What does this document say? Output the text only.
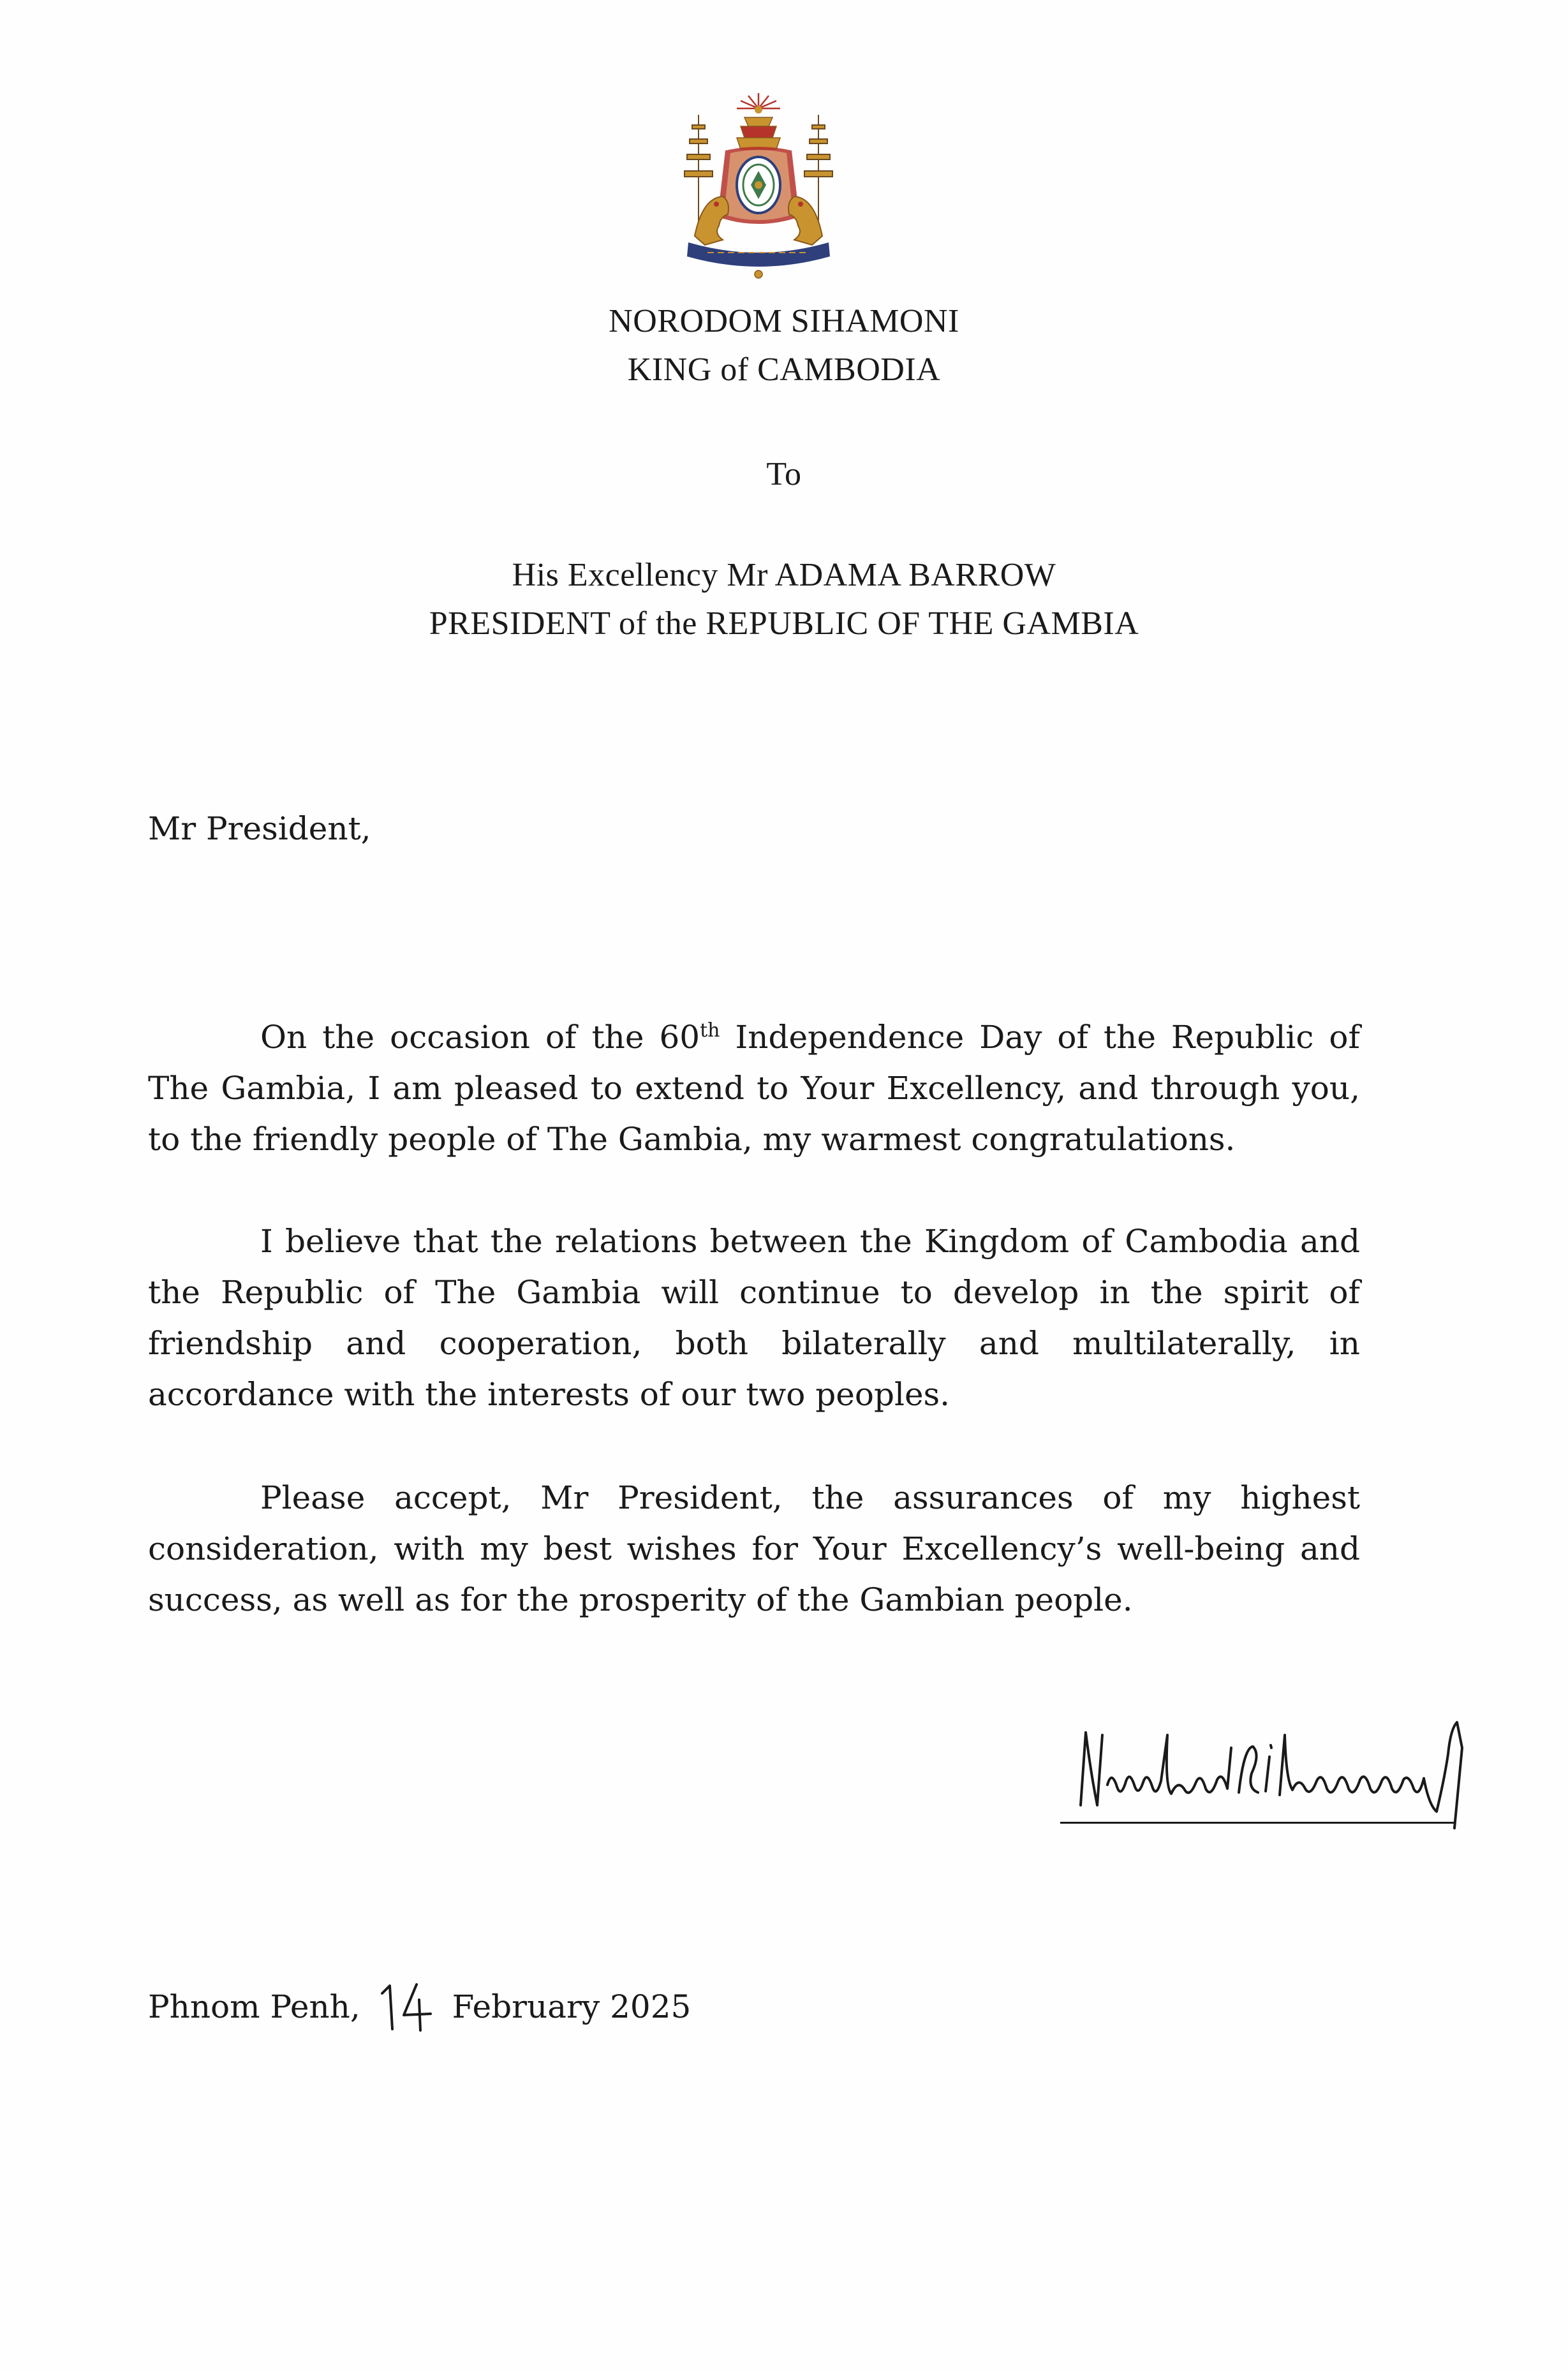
NORODOM SIHAMONI
KING of CAMBODIA
To
His Excellency Mr ADAMA BARROW
PRESIDENT of the REPUBLIC OF THE GAMBIA
Mr President,

On the occasion of the 60th Independence Day of the Republic of The Gambia, I am pleased to extend to Your Excellency, and through you, to the friendly people of The Gambia, my warmest congratulations.

I believe that the relations between the Kingdom of Cambodia and the Republic of The Gambia will continue to develop in the spirit of friendship and cooperation, both bilaterally and multilaterally, in accordance with the interests of our two peoples.

Please accept, Mr President, the assurances of my highest consideration, with my best wishes for Your Excellency’s well-being and success, as well as for the prosperity of the Gambian people.

Phnom Penh,	February 2025
